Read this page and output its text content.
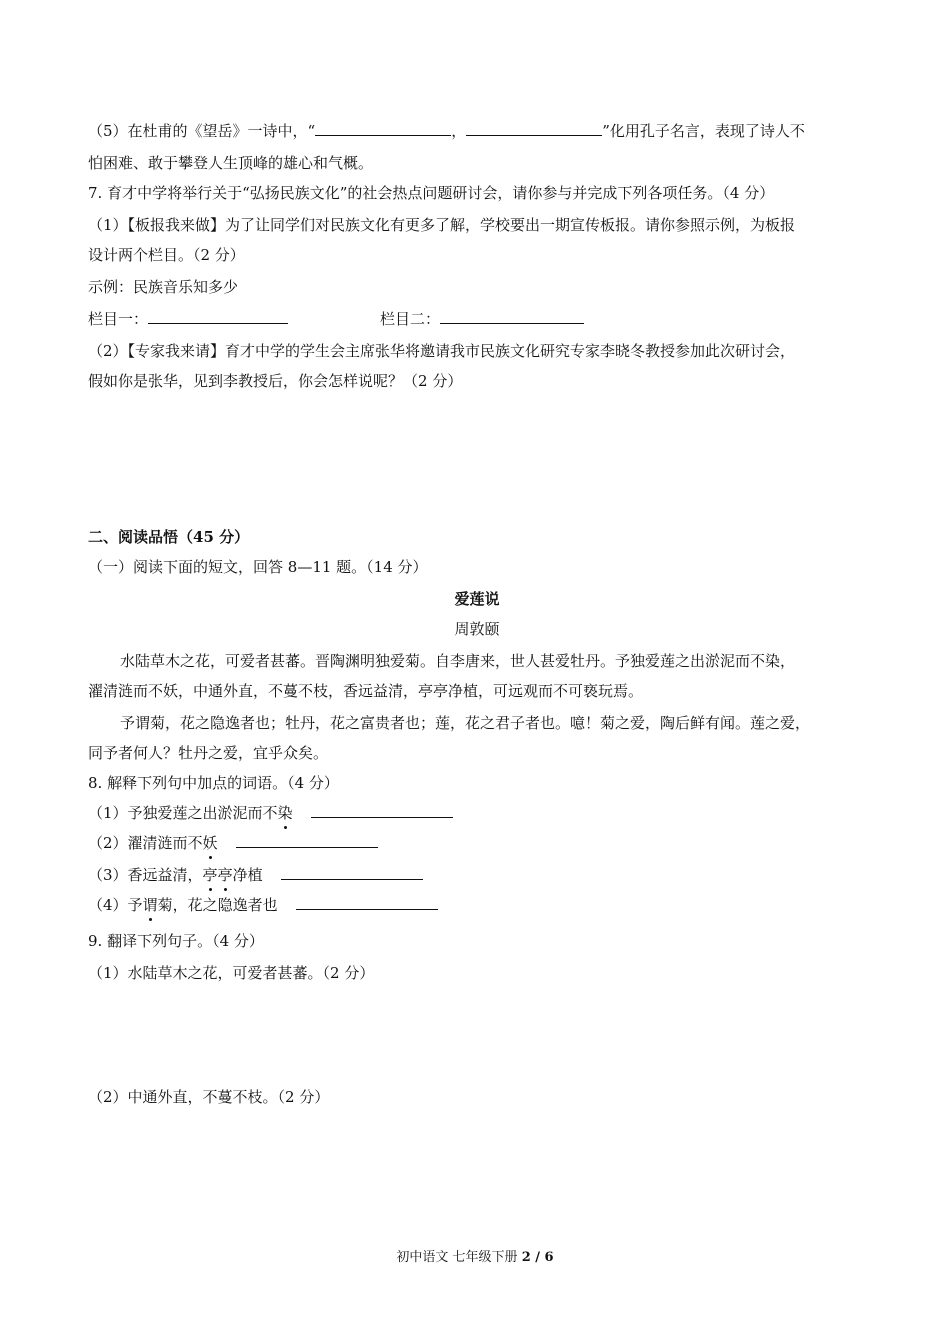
（5）在杜甫的《望岳》一诗中，“	，	”化用孔子名言，表现了诗人不
怕困难、敢于攀登人生顶峰的雄心和气概。
7. 育才中学将举行关于“弘扬民族文化”的社会热点问题研讨会，请你参与并完成下列各项任务。（4 分）
（1）【板报我来做】为了让同学们对民族文化有更多了解，学校要出一期宣传板报。请你参照示例，为板报
设计两个栏目。（2 分）
示例：民族音乐知多少
栏目一：	栏目二：
（2）【专家我来请】育才中学的学生会主席张华将邀请我市民族文化研究专家李晓冬教授参加此次研讨会，
假如你是张华，见到李教授后，你会怎样说呢？（2 分）
二、阅读品悟（45 分）
（一）阅读下面的短文，回答 8—11 题。（14 分）
爱莲说
周敦颐
水陆草木之花，可爱者甚蕃。晋陶渊明独爱菊。自李唐来，世人甚爱牡丹。予独爱莲之出淤泥而不染，
濯清涟而不妖，中通外直，不蔓不枝，香远益清，亭亭净植，可远观而不可亵玩焉。
予谓菊，花之隐逸者也；牡丹，花之富贵者也；莲，花之君子者也。噫！菊之爱，陶后鲜有闻。莲之爱，
同予者何人？牡丹之爱，宜乎众矣。
8. 解释下列句中加点的词语。（4 分）
（1）予独爱莲之出淤泥而不染
（2）濯清涟而不妖
（3）香远益清，亭亭净植
（4）予谓菊，花之隐逸者也
9. 翻译下列句子。（4 分）
（1）水陆草木之花，可爱者甚蕃。（2 分）
（2）中通外直，不蔓不枝。（2 分）
初中语文 七年级下册 2 / 6
